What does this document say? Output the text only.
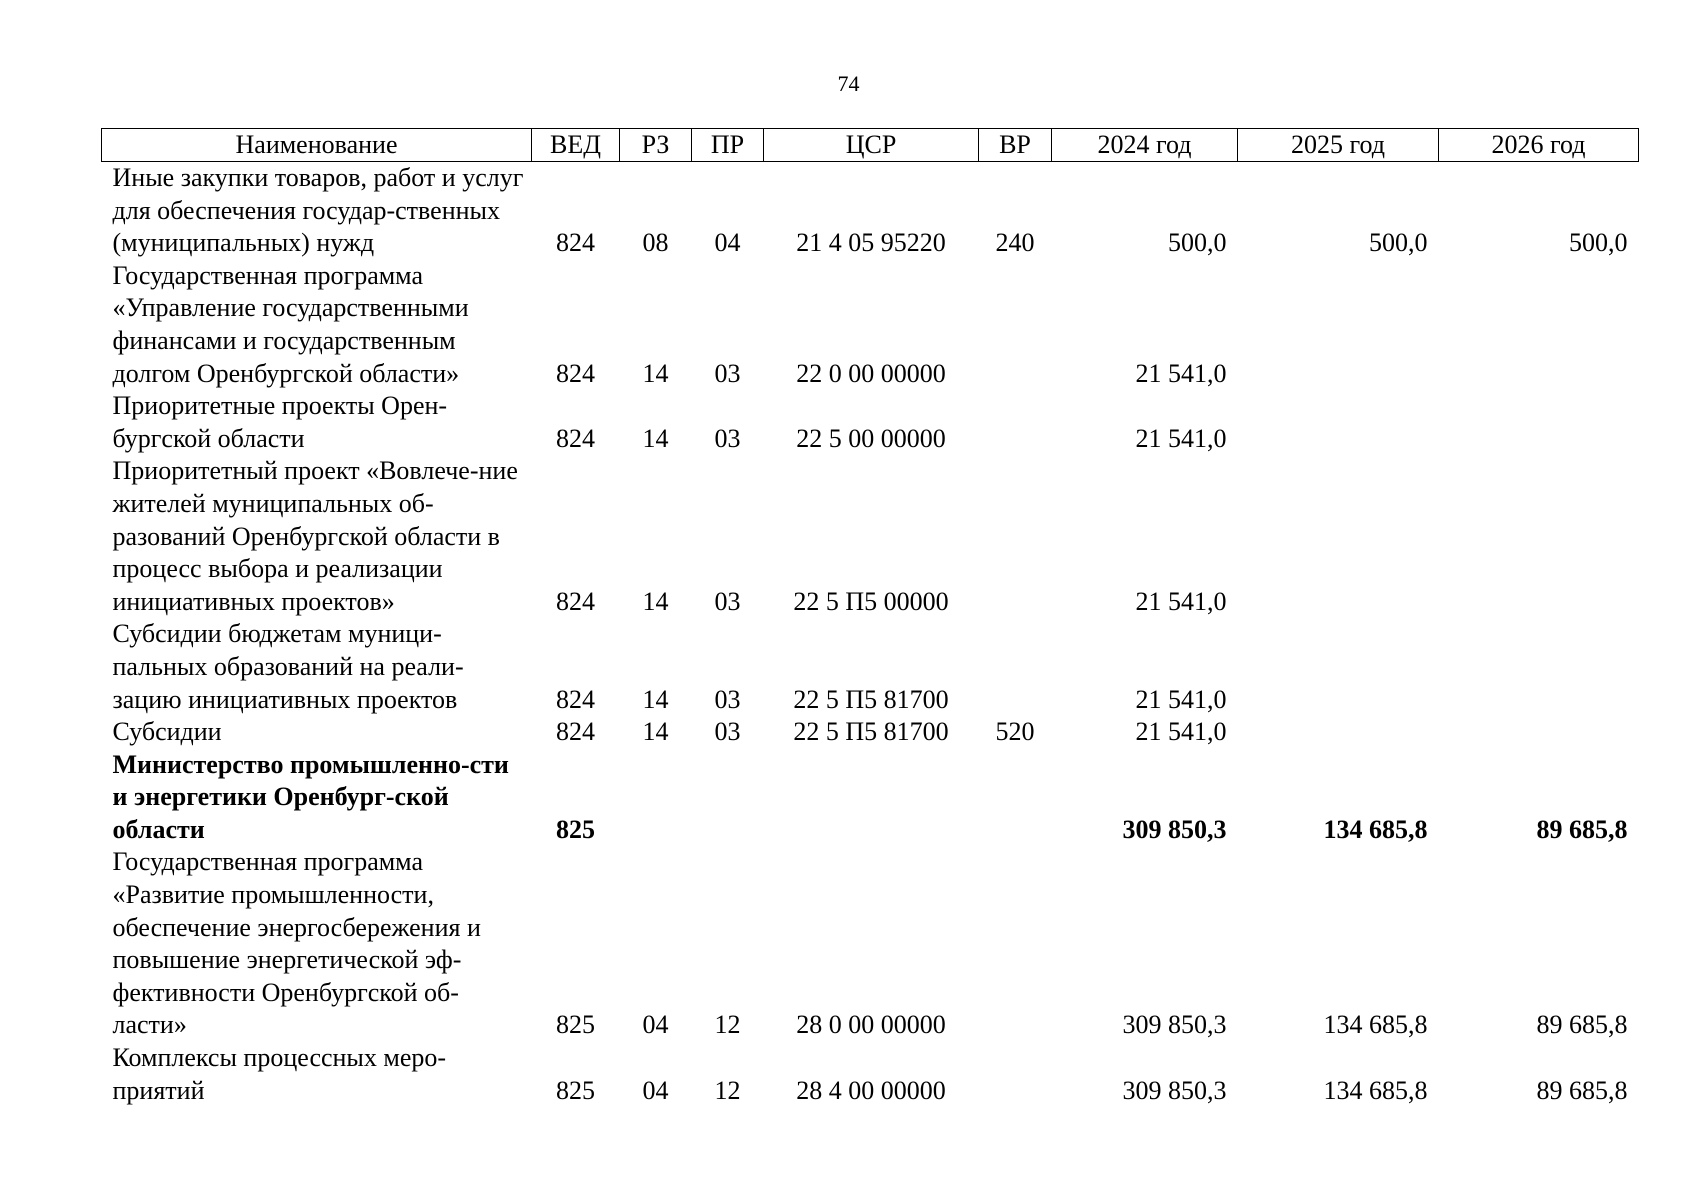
74
Наименование	ВЕД	РЗ	ПР	ЦСР	ВР	2024 год	2025 год	2026 год
Иные закупки товаров, работ и услуг для обеспечения государ-ственных (муниципальных) нужд	824	08	04	21 4 05 95220	240	500,0	500,0	500,0
Государственная программа «Управление государственными финансами и государственным долгом Оренбургской области»	824	14	03	22 0 00 00000		21 541,0		
Приоритетные проекты Орен-бургской области	824	14	03	22 5 00 00000		21 541,0		
Приоритетный проект «Вовлече-ние жителей муниципальных об-разований Оренбургской области в процесс выбора и реализации инициативных проектов»	824	14	03	22 5 П5 00000		21 541,0		
Субсидии бюджетам муници-пальных образований на реали-зацию инициативных проектов	824	14	03	22 5 П5 81700		21 541,0		
Субсидии	824	14	03	22 5 П5 81700	520	21 541,0		
Министерство промышленно-сти и энергетики Оренбург-ской области	825					309 850,3	134 685,8	89 685,8
Государственная программа «Развитие промышленности, обеспечение энергосбережения и повышение энергетической эф-фективности Оренбургской об-ласти»	825	04	12	28 0 00 00000		309 850,3	134 685,8	89 685,8
Комплексы процессных меро-приятий	825	04	12	28 4 00 00000		309 850,3	134 685,8	89 685,8
